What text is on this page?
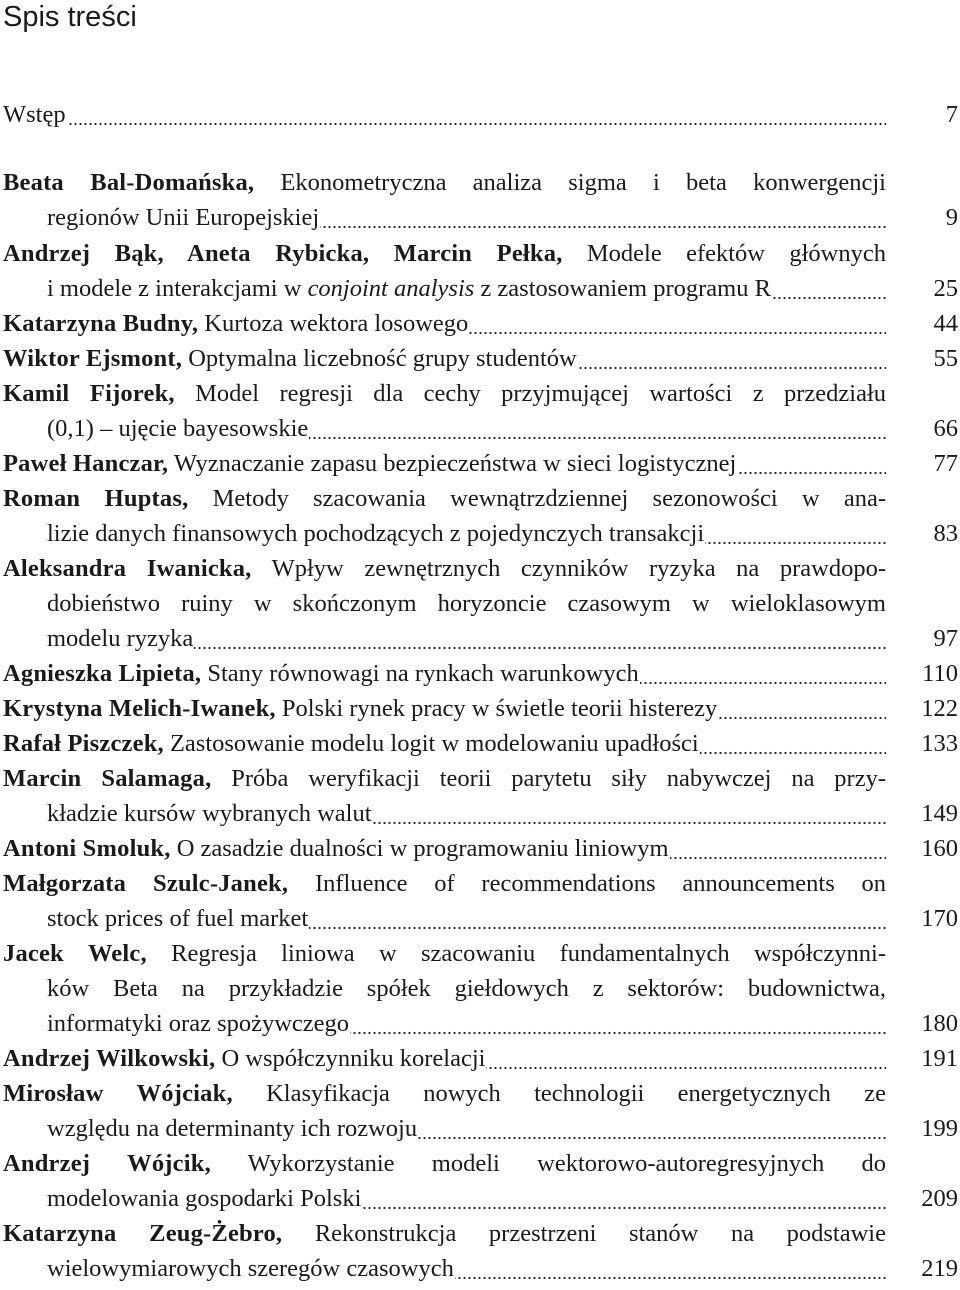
Spis treści
Wstęp	7
Beata Bal-Domańska, Ekonometryczna analiza sigma i beta konwergencji
regionów Unii Europejskiej	9
Andrzej Bąk, Aneta Rybicka, Marcin Pełka, Modele efektów głównych
i modele z interakcjami w conjoint analysis z zastosowaniem programu R	25
Katarzyna Budny, Kurtoza wektora losowego	44
Wiktor Ejsmont, Optymalna liczebność grupy studentów	55
Kamil Fijorek, Model regresji dla cechy przyjmującej wartości z przedziału
(0,1) – ujęcie bayesowskie	66
Paweł Hanczar, Wyznaczanie zapasu bezpieczeństwa w sieci logistycznej	77
Roman Huptas, Metody szacowania wewnątrzdziennej sezonowości w ana-
lizie danych finansowych pochodzących z pojedynczych transakcji	83
Aleksandra Iwanicka, Wpływ zewnętrznych czynników ryzyka na prawdopo-
dobieństwo ruiny w skończonym horyzoncie czasowym w wieloklasowym
modelu ryzyka	97
Agnieszka Lipieta, Stany równowagi na rynkach warunkowych	110
Krystyna Melich-Iwanek, Polski rynek pracy w świetle teorii histerezy	122
Rafał Piszczek, Zastosowanie modelu logit w modelowaniu upadłości	133
Marcin Salamaga, Próba weryfikacji teorii parytetu siły nabywczej na przy-
kładzie kursów wybranych walut	149
Antoni Smoluk, O zasadzie dualności w programowaniu liniowym	160
Małgorzata Szulc-Janek, Influence of recommendations announcements on
stock prices of fuel market	170
Jacek Welc, Regresja liniowa w szacowaniu fundamentalnych współczynni-
ków Beta na przykładzie spółek giełdowych z sektorów: budownictwa,
informatyki oraz spożywczego	180
Andrzej Wilkowski, O współczynniku korelacji	191
Mirosław Wójciak, Klasyfikacja nowych technologii energetycznych ze
względu na determinanty ich rozwoju	199
Andrzej Wójcik, Wykorzystanie modeli wektorowo-autoregresyjnych do
modelowania gospodarki Polski	209
Katarzyna Zeug-Żebro, Rekonstrukcja przestrzeni stanów na podstawie
wielowymiarowych szeregów czasowych	219
